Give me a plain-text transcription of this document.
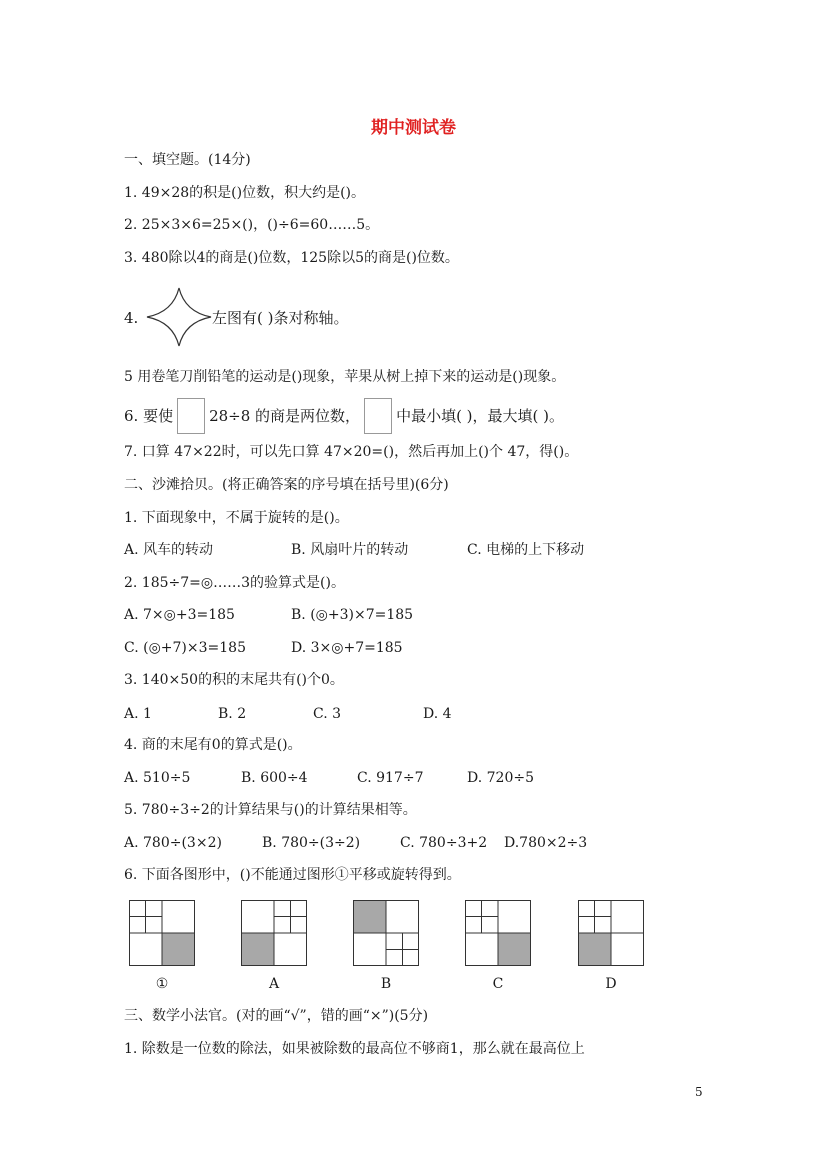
期中测试卷
一、填空题。(14分)
1. 49×28的积是()位数，积大约是()。
2. 25×3×6=25×()，()÷6=60……5。
3. 480除以4的商是()位数，125除以5的商是()位数。
4.	左图有( )条对称轴。
5 用卷笔刀削铅笔的运动是()现象，苹果从树上掉下来的运动是()现象。
6. 要使 28÷8 的商是两位数， 中最小填( )，最大填( )。
7. 口算 47×22时，可以先口算 47×20=()，然后再加上()个 47，得()。
二、沙滩拾贝。(将正确答案的序号填在括号里)(6分)
1. 下面现象中，不属于旋转的是()。
A. 风车的转动	B. 风扇叶片的转动	C. 电梯的上下移动
2. 185÷7=◎……3的验算式是()。
A. 7×◎+3=185	B. (◎+3)×7=185
C. (◎+7)×3=185	D. 3×◎+7=185
3. 140×50的积的末尾共有()个0。
A. 1	B. 2	C. 3	D. 4
4. 商的末尾有0的算式是()。
A. 510÷5	B. 600÷4	C. 917÷7	D. 720÷5
5. 780÷3÷2的计算结果与()的计算结果相等。
A. 780÷(3×2)	B. 780÷(3÷2)	C. 780÷3+2 D.780×2÷3
6. 下面各图形中，()不能通过图形①平移或旋转得到。
①	A	B	C	D
三、数学小法官。(对的画“√”，错的画“×”)(5分)
1. 除数是一位数的除法，如果被除数的最高位不够商1，那么就在最高位上
5
